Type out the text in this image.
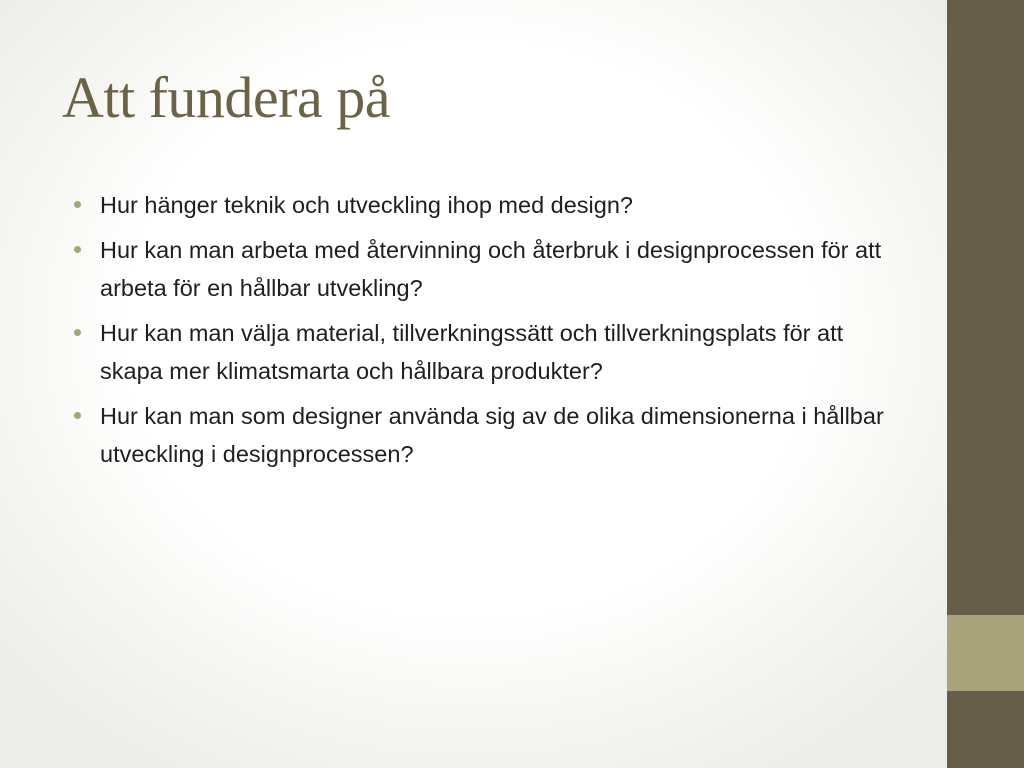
Att fundera på
Hur hänger teknik och utveckling ihop med design?
Hur kan man arbeta med återvinning och återbruk i designprocessen för att arbeta för en hållbar utvekling?
Hur kan man välja material, tillverkningssätt och tillverkningsplats för att skapa mer klimatsmarta och hållbara produkter?
Hur kan man som designer använda sig av de olika dimensionerna i hållbar utveckling i designprocessen?
